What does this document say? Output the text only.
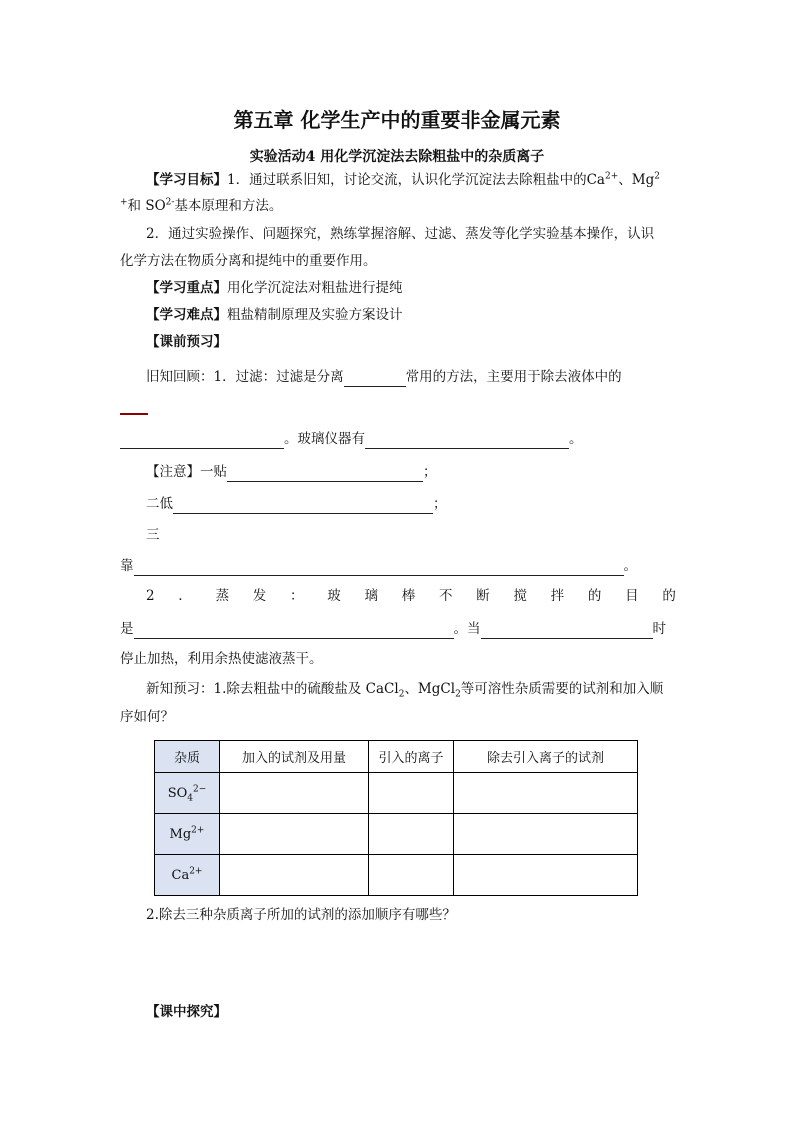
第五章 化学生产中的重要非金属元素
实验活动4 用化学沉淀法去除粗盐中的杂质离子
【学习目标】1．通过联系旧知，讨论交流，认识化学沉淀法去除粗盐中的$Ca^{2+}$、Mg$^2$
+和 $SO^{2-}$基本原理和方法。
2．通过实验操作、问题探究，熟练掌握溶解、过滤、蒸发等化学实验基本操作，认识
化学方法在物质分离和提纯中的重要作用。
【学习重点】用化学沉淀法对粗盐进行提纯
【学习难点】粗盐精制原理及实验方案设计
【课前预习】
旧知回顾：1．过滤：过滤是分离	常用的方法，主要用于除去液体中的
。玻璃仪器有	。
【注意】一贴	；
二低	；
三
靠	。
2 ． 蒸 发 ： 玻 璃 棒 不 断 搅 拌 的 目 的
是	。当	时
停止加热，利用余热使滤液蒸干。
新知预习：1.除去粗盐中的硫酸盐及 CaCl$_2$、MgCl$_2$等可溶性杂质需要的试剂和加入顺
序如何？
杂质	加入的试剂及用量	引入的离子	除去引入离子的试剂
$SO_4^{2-}$			
$Mg^{2+}$			
$Ca^{2+}$			
2.除去三种杂质离子所加的试剂的添加顺序有哪些？
【课中探究】
